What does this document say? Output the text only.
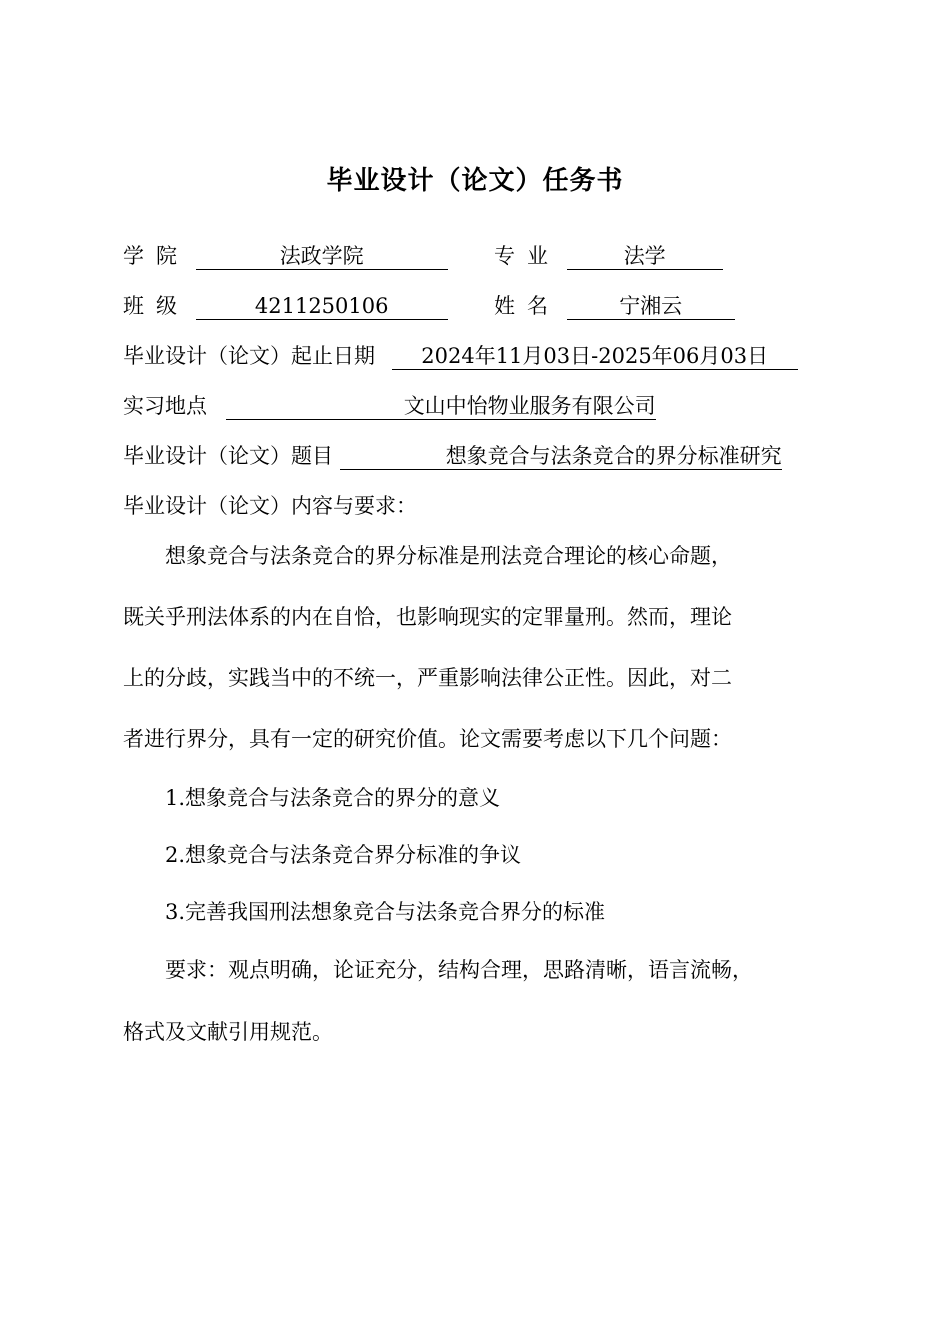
毕业设计（论文）任务书
学院	法政学院	专业	法学
班级	4211250106	姓名	宁湘云
毕业设计（论文）起止日期 2024年11月03日-2025年06月03日
实习地点	文山中怡物业服务有限公司
毕业设计（论文）题目	想象竞合与法条竞合的界分标准研究
毕业设计（论文）内容与要求：
想象竞合与法条竞合的界分标准是刑法竞合理论的核心命题，
既关乎刑法体系的内在自恰，也影响现实的定罪量刑。然而，理论
上的分歧，实践当中的不统一，严重影响法律公正性。因此，对二
者进行界分，具有一定的研究价值。论文需要考虑以下几个问题：
1.想象竞合与法条竞合的界分的意义
2.想象竞合与法条竞合界分标准的争议
3.完善我国刑法想象竞合与法条竞合界分的标准
要求：观点明确，论证充分，结构合理，思路清晰，语言流畅，
格式及文献引用规范。
